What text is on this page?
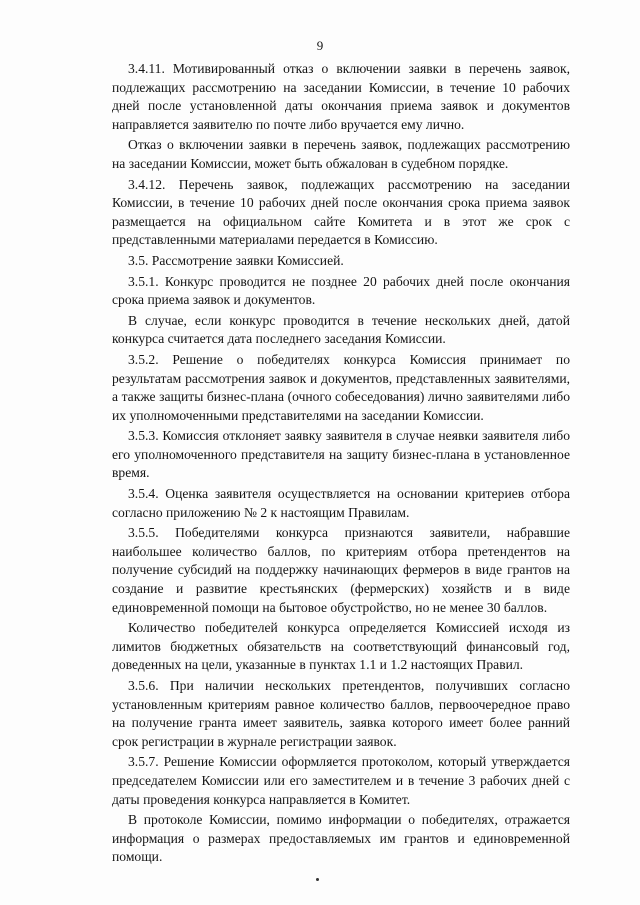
9

3.4.11. Мотивированный отказ о включении заявки в перечень заявок, подлежащих рассмотрению на заседании Комиссии, в течение 10 рабочих дней после установленной даты окончания приема заявок и документов направляется заявителю по почте либо вручается ему лично.

Отказ о включении заявки в перечень заявок, подлежащих рассмотрению на заседании Комиссии, может быть обжалован в судебном порядке.

3.4.12. Перечень заявок, подлежащих рассмотрению на заседании Комиссии, в течение 10 рабочих дней после окончания срока приема заявок размещается на официальном сайте Комитета и в этот же срок с представленными материалами передается в Комиссию.

3.5. Рассмотрение заявки Комиссией.

3.5.1. Конкурс проводится не позднее 20 рабочих дней после окончания срока приема заявок и документов.

В случае, если конкурс проводится в течение нескольких дней, датой конкурса считается дата последнего заседания Комиссии.

3.5.2. Решение о победителях конкурса Комиссия принимает по результатам рассмотрения заявок и документов, представленных заявителями, а также защиты бизнес-плана (очного собеседования) лично заявителями либо их уполномоченными представителями на заседании Комиссии.

3.5.3. Комиссия отклоняет заявку заявителя в случае неявки заявителя либо его уполномоченного представителя на защиту бизнес-плана в установленное время.

3.5.4. Оценка заявителя осуществляется на основании критериев отбора согласно приложению № 2 к настоящим Правилам.

3.5.5. Победителями конкурса признаются заявители, набравшие наибольшее количество баллов, по критериям отбора претендентов на получение субсидий на поддержку начинающих фермеров в виде грантов на создание и развитие крестьянских (фермерских) хозяйств и в виде единовременной помощи на бытовое обустройство, но не менее 30 баллов.

Количество победителей конкурса определяется Комиссией исходя из лимитов бюджетных обязательств на соответствующий финансовый год, доведенных на цели, указанные в пунктах 1.1 и 1.2 настоящих Правил.

3.5.6. При наличии нескольких претендентов, получивших согласно установленным критериям равное количество баллов, первоочередное право на получение гранта имеет заявитель, заявка которого имеет более ранний срок регистрации в журнале регистрации заявок.

3.5.7. Решение Комиссии оформляется протоколом, который утверждается председателем Комиссии или его заместителем и в течение 3 рабочих дней с даты проведения конкурса направляется в Комитет.

В протоколе Комиссии, помимо информации о победителях, отражается информация о размерах предоставляемых им грантов и единовременной помощи.
